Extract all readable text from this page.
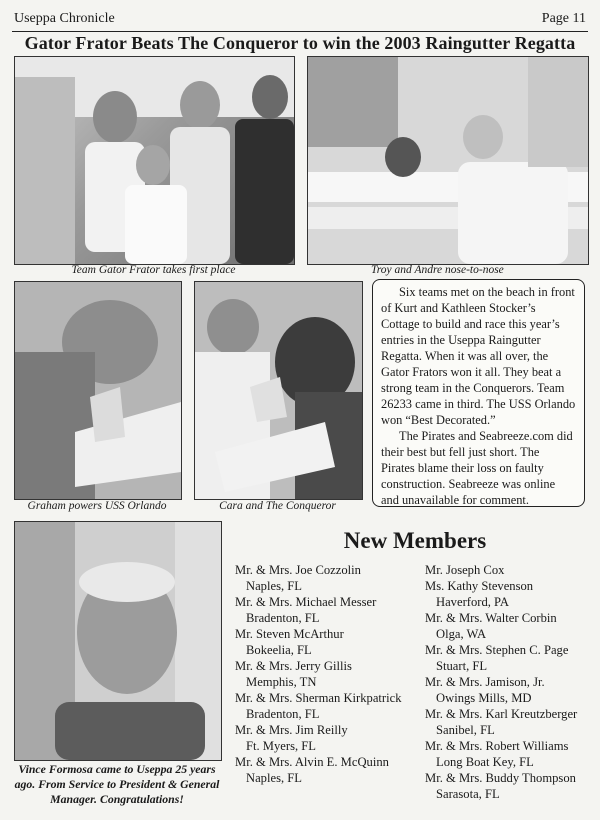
Useppa Chronicle	Page 11
Gator Frator Beats The Conqueror to win the 2003 Raingutter Regatta
Team Gator Frator takes first place	Troy and Andre nose-to-nose
Graham powers USS Orlando	Cara and The Conqueror

Six teams met on the beach in front of Kurt and Kathleen Stocker’s Cottage to build and race this year’s entries in the Useppa Raingutter Regatta. When it was all over, the Gator Frators won it all. They beat a strong team in the Conquerors. Team 26233 came in third. The USS Orlando won “Best Decorated.”

The Pirates and Seabreeze.com did their best but fell just short. The Pirates blame their loss on faulty construction. Seabreeze was online and unavailable for comment.

Vince Formosa came to Useppa 25 years ago. From Service to President & General Manager. Congratulations!
New Members
Mr. & Mrs. Joe Cozzolin
Naples, FL
Mr. & Mrs. Michael Messer
Bradenton, FL
Mr. Steven McArthur
Bokeelia, FL
Mr. & Mrs. Jerry Gillis
Memphis, TN
Mr. & Mrs. Sherman Kirkpatrick
Bradenton, FL
Mr. & Mrs. Jim Reilly
Ft. Myers, FL
Mr. & Mrs. Alvin E. McQuinn
Naples, FL
Mr. Joseph Cox
Ms. Kathy Stevenson
Haverford, PA
Mr. & Mrs. Walter Corbin
Olga, WA
Mr. & Mrs. Stephen C. Page
Stuart, FL
Mr. & Mrs. Jamison, Jr.
Owings Mills, MD
Mr. & Mrs. Karl Kreutzberger
Sanibel, FL
Mr. & Mrs. Robert Williams
Long Boat Key, FL
Mr. & Mrs. Buddy Thompson
Sarasota, FL
